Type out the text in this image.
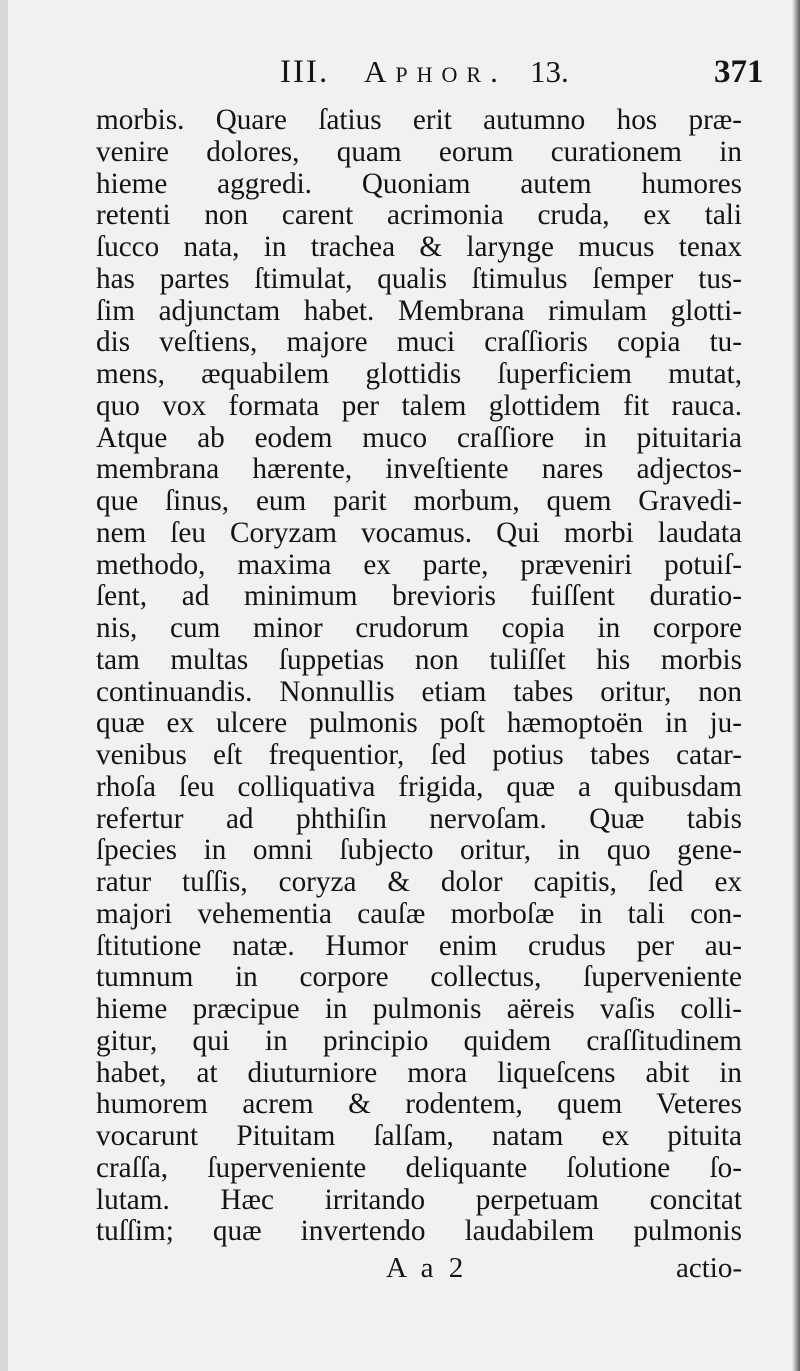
III. Aphor. 13.	371
morbis. Quare ſatius erit autumno hos præ-
venire dolores, quam eorum curationem in
hieme aggredi. Quoniam autem humores
retenti non carent acrimonia cruda, ex tali
ſucco nata, in trachea & larynge mucus tenax
has partes ſtimulat, qualis ſtimulus ſemper tus-
ſim adjunctam habet. Membrana rimulam glotti-
dis veſtiens, majore muci craſſioris copia tu-
mens, æquabilem glottidis ſuperficiem mutat,
quo vox formata per talem glottidem fit rauca.
Atque ab eodem muco craſſiore in pituitaria
membrana hærente, inveſtiente nares adjectos-
que ſinus, eum parit morbum, quem Gravedi-
nem ſeu Coryzam vocamus. Qui morbi laudata
methodo, maxima ex parte, præveniri potuiſ-
ſent, ad minimum brevioris fuiſſent duratio-
nis, cum minor crudorum copia in corpore
tam multas ſuppetias non tuliſſet his morbis
continuandis. Nonnullis etiam tabes oritur, non
quæ ex ulcere pulmonis poſt hæmoptoën in ju-
venibus eſt frequentior, ſed potius tabes catar-
rhoſa ſeu colliquativa frigida, quæ a quibusdam
refertur ad phthiſin nervoſam. Quæ tabis
ſpecies in omni ſubjecto oritur, in quo gene-
ratur tuſſis, coryza & dolor capitis, ſed ex
majori vehementia cauſæ morboſæ in tali con-
ſtitutione natæ. Humor enim crudus per au-
tumnum in corpore collectus, ſuperveniente
hieme præcipue in pulmonis aëreis vaſis colli-
gitur, qui in principio quidem craſſitudinem
habet, at diuturniore mora liqueſcens abit in
humorem acrem & rodentem, quem Veteres
vocarunt Pituitam ſalſam, natam ex pituita
craſſa, ſuperveniente deliquante ſolutione ſo-
lutam. Hæc irritando perpetuam concitat
tuſſim; quæ invertendo laudabilem pulmonis
A a 2	actio-
